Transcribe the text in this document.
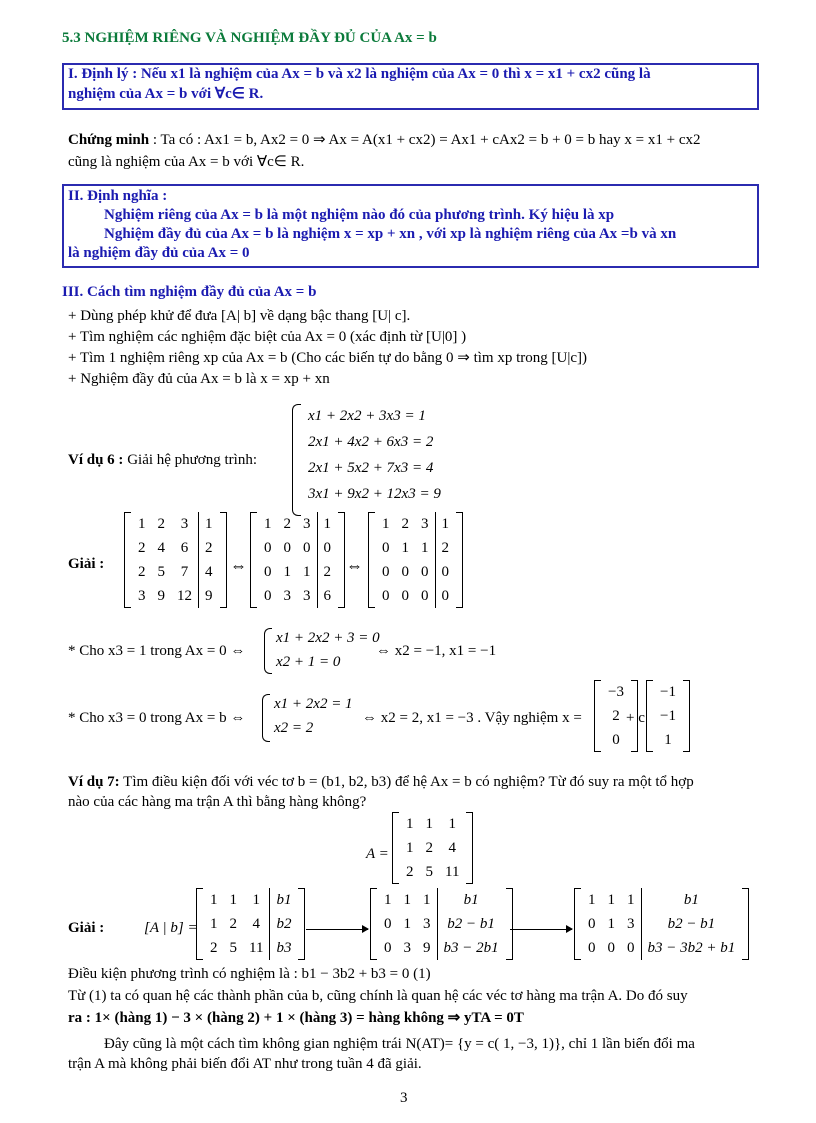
5.3 NGHIỆM RIÊNG VÀ NGHIỆM ĐẦY ĐỦ CỦA Ax = b
I. Định lý : Nếu x1 là nghiệm của Ax = b và x2 là nghiệm của Ax = 0 thì x = x1 + cx2 cũng là
nghiệm của Ax = b với ∀c∈ R.
Chứng minh : Ta có : Ax1 = b, Ax2 = 0 ⇒ Ax = A(x1 + cx2) = Ax1 + cAx2 = b + 0 = b hay x = x1 + cx2
cũng là nghiệm của Ax = b với ∀c∈ R.
II. Định nghĩa :
Nghiệm riêng của Ax = b là một nghiệm nào đó của phương trình. Ký hiệu là xp
Nghiệm đầy đủ của Ax = b là nghiệm x = xp + xn , với xp là nghiệm riêng của Ax =b và xn
là nghiệm đầy đủ của Ax = 0
III. Cách tìm nghiệm đầy đủ của Ax = b
+ Dùng phép khử để đưa [A| b] về dạng bậc thang [U| c].
+ Tìm nghiệm các nghiệm đặc biệt của Ax = 0 (xác định từ [U|0] )
+ Tìm 1 nghiệm riêng xp của Ax = b (Cho các biến tự do bằng 0 ⇒ tìm xp trong [U|c])
+ Nghiệm đầy đủ của Ax = b là x = xp + xn
Ví dụ 6 : Giải hệ phương trình:
x1 + 2x2 + 3x3 = 1
2x1 + 4x2 + 6x3 = 2
2x1 + 5x2 + 7x3 = 4
3x1 + 9x2 + 12x3 = 9
Giải :
1	2	3	1
2	4	6	2
2	5	7	4
3	9	12	9
⇔
1	2	3	1
0	0	0	0
0	1	1	2
0	3	3	6
⇔
1	2	3	1
0	1	1	2
0	0	0	0
0	0	0	0
* Cho x3 = 1 trong Ax = 0 ⇔
x1 + 2x2 + 3 = 0
x2 + 1 = 0
⇔ x2 = −1, x1 = −1
* Cho x3 = 0 trong Ax = b ⇔
x1 + 2x2 = 1
x2 = 2
⇔ x2 = 2, x1 = −3 . Vậy nghiệm x =
−3
2
0
+ c
−1
−1
1
Ví dụ 7: Tìm điều kiện đối với véc tơ b = (b1, b2, b3) để hệ Ax = b có nghiệm? Từ đó suy ra một tổ hợp
nào của các hàng ma trận A thì bằng hàng không?
A =
1	1	1
1	2	4
2	5	11
Giải :	[A | b] =
1	1	1	b1
1	2	4	b2
2	5	11	b3
1	1	1	b1
0	1	3	b2 − b1
0	3	9	b3 − 2b1
1	1	1	b1
0	1	3	b2 − b1
0	0	0	b3 − 3b2 + b1
Điều kiện phương trình có nghiệm là : b1 − 3b2 + b3 = 0 (1)
Từ (1) ta có quan hệ các thành phần của b, cũng chính là quan hệ các véc tơ hàng ma trận A. Do đó suy
ra : 1× (hàng 1) − 3 × (hàng 2) + 1 × (hàng 3) = hàng không ⇒ yTA = 0T
Đây cũng là một cách tìm không gian nghiệm trái N(AT)= {y = c( 1, −3, 1)}, chỉ 1 lần biến đổi ma
trận A mà không phải biến đổi AT như trong tuần 4 đã giải.
3
